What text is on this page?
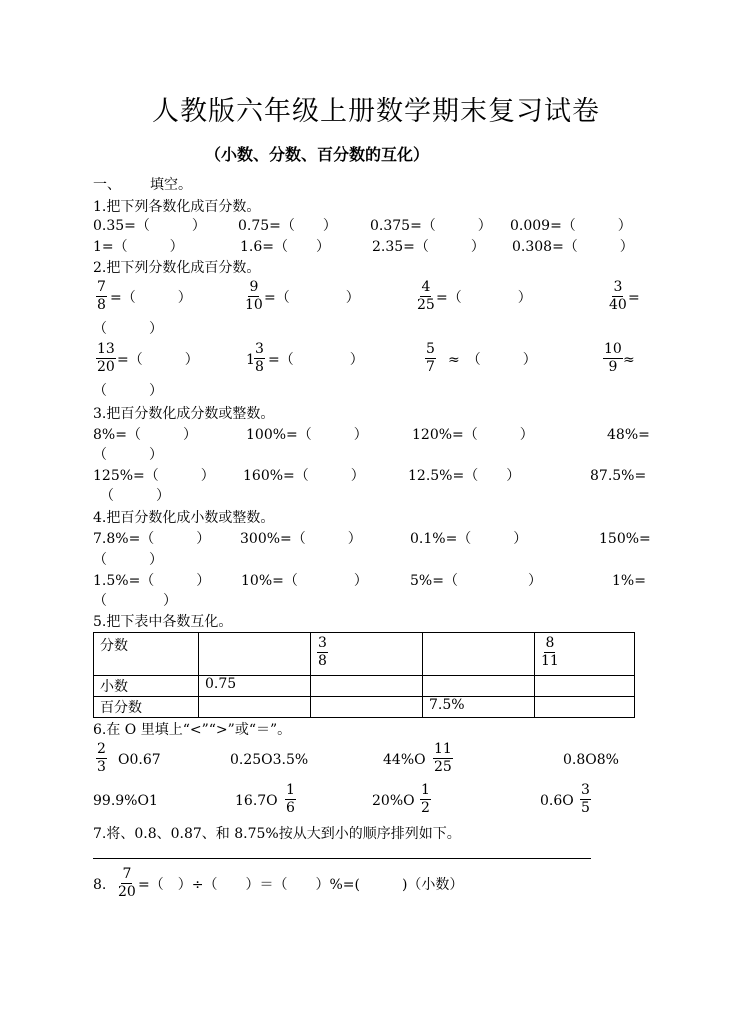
人教版六年级上册数学期末复习试卷
（小数、分数、百分数的互化）
一、 填空。
1.把下列各数化成百分数。
0.35=（　　　） 0.75=（　　） 0.375=（　　　） 0.009=（　　　）
1=（　　　）	1.6=（　　）	2.35=（　　　） 0.308=（　　　）
2.把下列分数化成百分数。
$\frac{7}{8}$ =（　　　）	$\frac{9}{10}$ =（　　　　）	$\frac{4}{25}$ =（　　　　）	$\frac{3}{40}$ =
（　　　）
$\frac{13}{20}$ =（　　　）	$1 \frac{3}{8}$ =（　　　　）	$\frac{5}{7}$ ≈　（　　　）	$\frac{10}{9}$ ≈
（　　　）
3.把百分数化成分数或整数。
8%=（　　　）	100%=（　　　）	120%=（　　　）	48%=
（　　　）
125%=（　　　） 160%=（　　　）	12.5%=（　　）	87.5%=
（　　　）
4.把百分数化成小数或整数。
7.8%=（　　　） 300%=（　　　）	0.1%=（　　　）	150%=
（　　　）
1.5%=（　　　） 10%=（　　　　）	5%=（　　　　　）	1%=
（　　　　）
5.把下表中各数互化。
分数		$\frac{3}{8}$		$\frac{8}{11}$

小数	0.75			
百分数			7.5%	
6.在 O 里填上“<”“>”或“＝”。
$\frac{2}{3} O0.67$	0.25O3.5%	$44\%O \frac{11}{25}$	0.8O8%
99.9%O1	$16.7O \frac{1}{6}$	$20\%O \frac{1}{2}$	$0.6O \frac{3}{5}$
7.将、0.8、0.87、和 8.75%按从大到小的顺序排列如下。
8. $\frac{7}{20}$ =（　）÷（　　）＝（　　）%=(　　　)（小数）
